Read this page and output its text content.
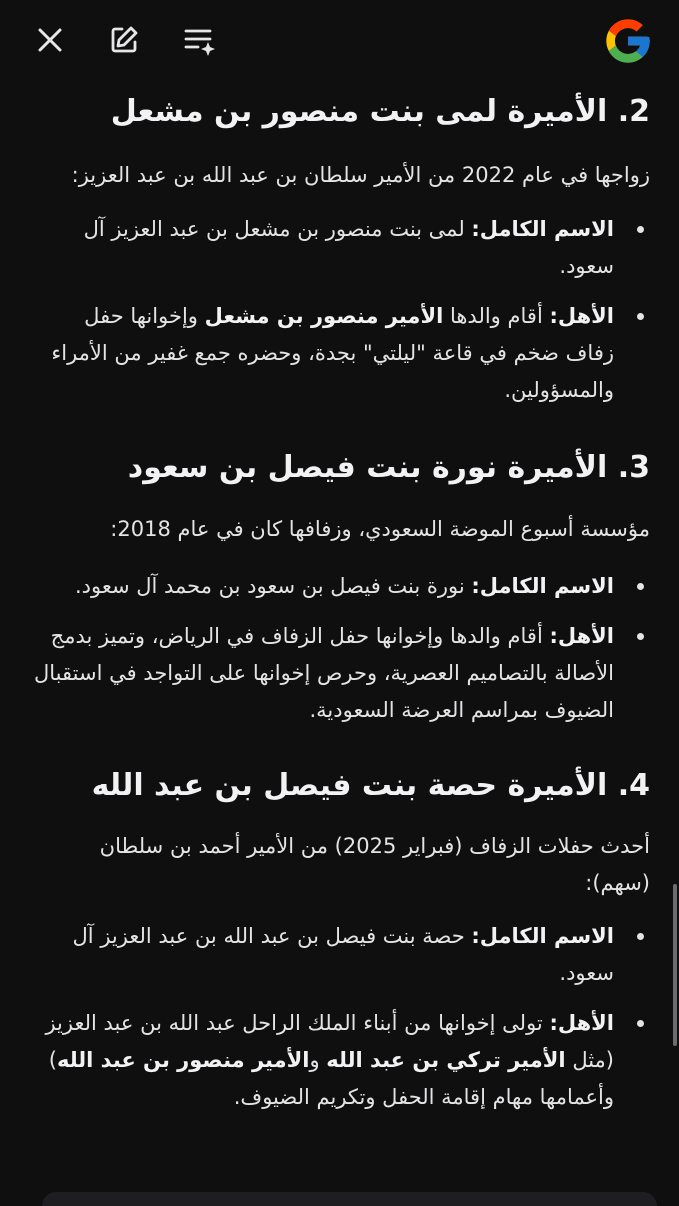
2. الأميرة لمى بنت منصور بن مشعل

زواجها في عام 2022 من الأمير سلطان بن عبد الله بن عبد العزيز:

الاسم الكامل: لمى بنت منصور بن مشعل بن عبد العزيز آل سعود.
الأهل: أقام والدها الأمير منصور بن مشعل وإخوانها حفل زفاف ضخم في قاعة "ليلتي" بجدة، وحضره جمع غفير من الأمراء والمسؤولين.
3. الأميرة نورة بنت فيصل بن سعود

مؤسسة أسبوع الموضة السعودي، وزفافها كان في عام 2018:

الاسم الكامل: نورة بنت فيصل بن سعود بن محمد آل سعود.
الأهل: أقام والدها وإخوانها حفل الزفاف في الرياض، وتميز بدمج الأصالة بالتصاميم العصرية، وحرص إخوانها على التواجد في استقبال الضيوف بمراسم العرضة السعودية.
4. الأميرة حصة بنت فيصل بن عبد الله

أحدث حفلات الزفاف (فبراير 2025) من الأمير أحمد بن سلطان (سهم):

الاسم الكامل: حصة بنت فيصل بن عبد الله بن عبد العزيز آل سعود.
الأهل: تولى إخوانها من أبناء الملك الراحل عبد الله بن عبد العزيز (مثل الأمير تركي بن عبد الله والأمير منصور بن عبد الله) وأعمامها مهام إقامة الحفل وتكريم الضيوف.
